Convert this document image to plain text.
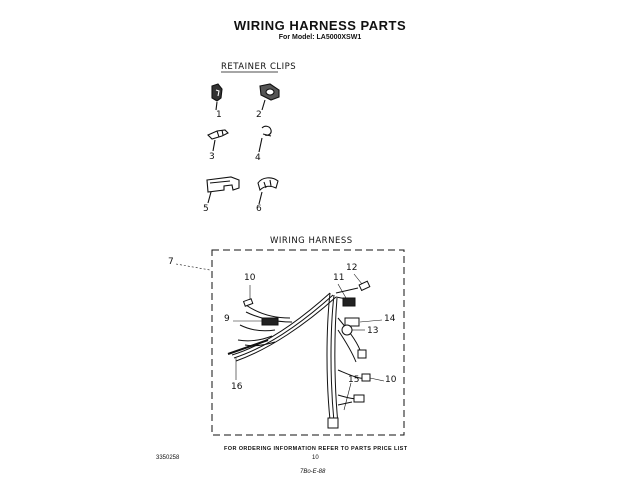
WIRING HARNESS PARTS
For Model: LA5000XSW1
RETAINER CLIPS
WIRING HARNESS
1	2
3	4
5	6
7
10
9
11
12
13
14
15	10
16
FOR ORDERING INFORMATION REFER TO PARTS PRICE LIST
3350258	10
7Bo-E-88
